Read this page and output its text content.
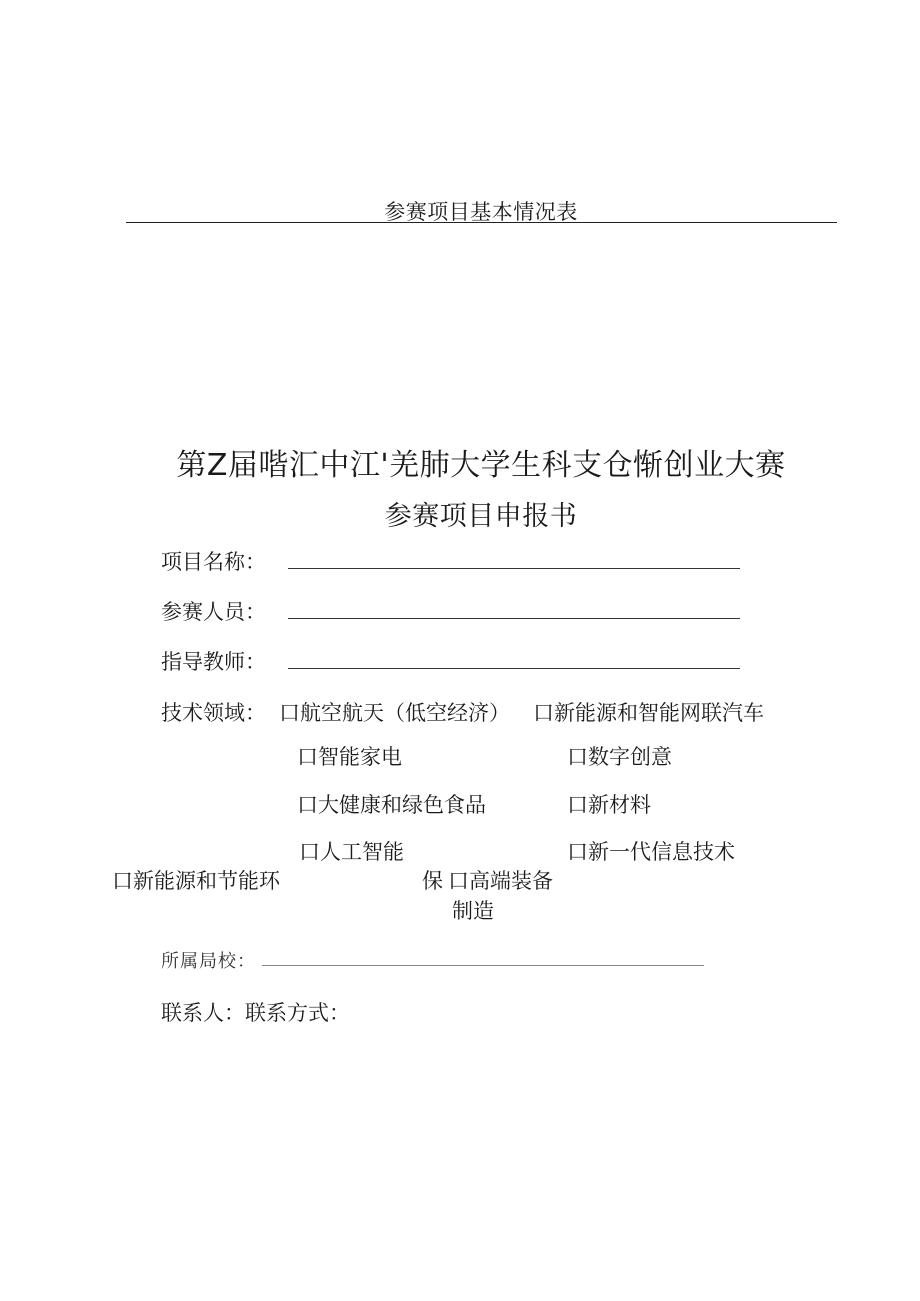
参赛项目基本情况表
第Z届喈汇中江'羌肺大学生科支仓惭创业大赛
参赛项目申报书
项目名称：
参赛人员：
指导教师：
技术领域： 口航空航天（低空经济） 口新能源和智能网联汽车
口智能家电	口数字创意
口大健康和绿色食品	口新材料
口人工智能	口新一代信息技术
口新能源和节能环	保 口高端装备
制造
所属局校：
联系人：联系方式：
